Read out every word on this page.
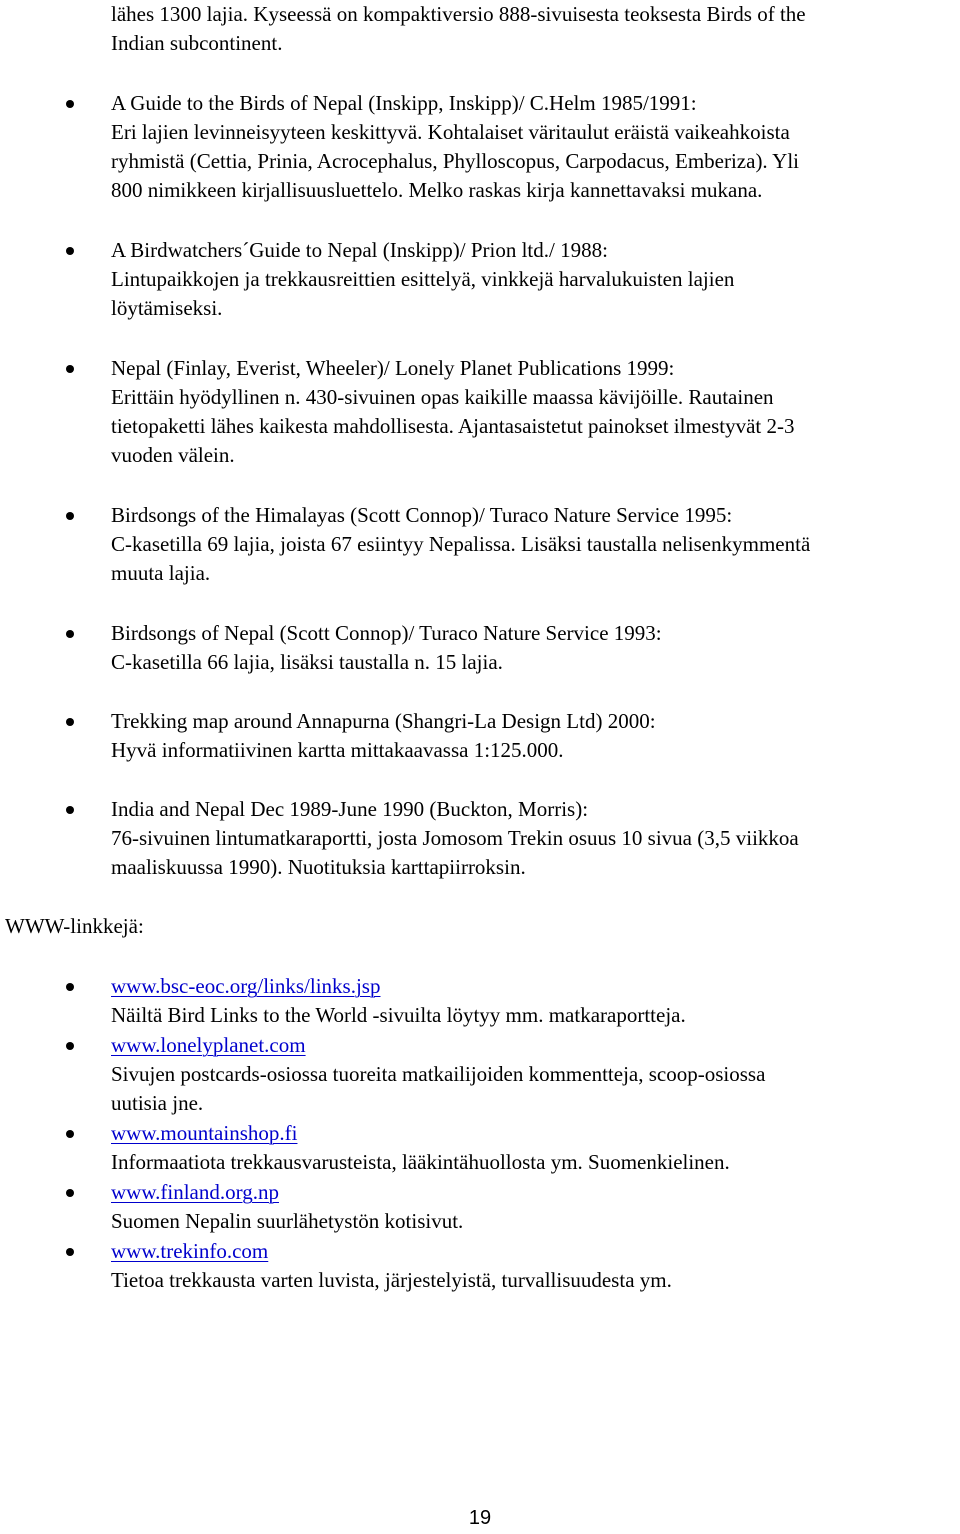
lähes 1300 lajia. Kyseessä on kompaktiversio 888-sivuisesta teoksesta Birds of the
Indian subcontinent.
A Guide to the Birds of Nepal (Inskipp, Inskipp)/ C.Helm 1985/1991:
Eri lajien levinneisyyteen keskittyvä. Kohtalaiset väritaulut eräistä vaikeahkoista
ryhmistä (Cettia, Prinia, Acrocephalus, Phylloscopus, Carpodacus, Emberiza). Yli
800 nimikkeen kirjallisuusluettelo. Melko raskas kirja kannettavaksi mukana.
A Birdwatchers´Guide to Nepal (Inskipp)/ Prion ltd./ 1988:
Lintupaikkojen ja trekkausreittien esittelyä, vinkkejä harvalukuisten lajien
löytämiseksi.
Nepal (Finlay, Everist, Wheeler)/ Lonely Planet Publications 1999:
Erittäin hyödyllinen n. 430-sivuinen opas kaikille maassa kävijöille. Rautainen
tietopaketti lähes kaikesta mahdollisesta. Ajantasaistetut painokset ilmestyvät 2-3
vuoden välein.
Birdsongs of the Himalayas (Scott Connop)/ Turaco Nature Service 1995:
C-kasetilla 69 lajia, joista 67 esiintyy Nepalissa. Lisäksi taustalla nelisenkymmentä
muuta lajia.
Birdsongs of Nepal (Scott Connop)/ Turaco Nature Service 1993:
C-kasetilla 66 lajia, lisäksi taustalla n. 15 lajia.
Trekking map around Annapurna (Shangri-La Design Ltd) 2000:
Hyvä informatiivinen kartta mittakaavassa 1:125.000.
India and Nepal Dec 1989-June 1990 (Buckton, Morris):
76-sivuinen lintumatkaraportti, josta Jomosom Trekin osuus 10 sivua (3,5 viikkoa
maaliskuussa 1990). Nuotituksia karttapiirroksin.
WWW-linkkejä:
www.bsc-eoc.org/links/links.jsp
Näiltä Bird Links to the World -sivuilta löytyy mm. matkaraportteja.
www.lonelyplanet.com
Sivujen postcards-osiossa tuoreita matkailijoiden kommentteja, scoop-osiossa
uutisia jne.
www.mountainshop.fi
Informaatiota trekkausvarusteista, lääkintähuollosta ym. Suomenkielinen.
www.finland.org.np
Suomen Nepalin suurlähetystön kotisivut.
www.trekinfo.com
Tietoa trekkausta varten luvista, järjestelyistä, turvallisuudesta ym.
19
